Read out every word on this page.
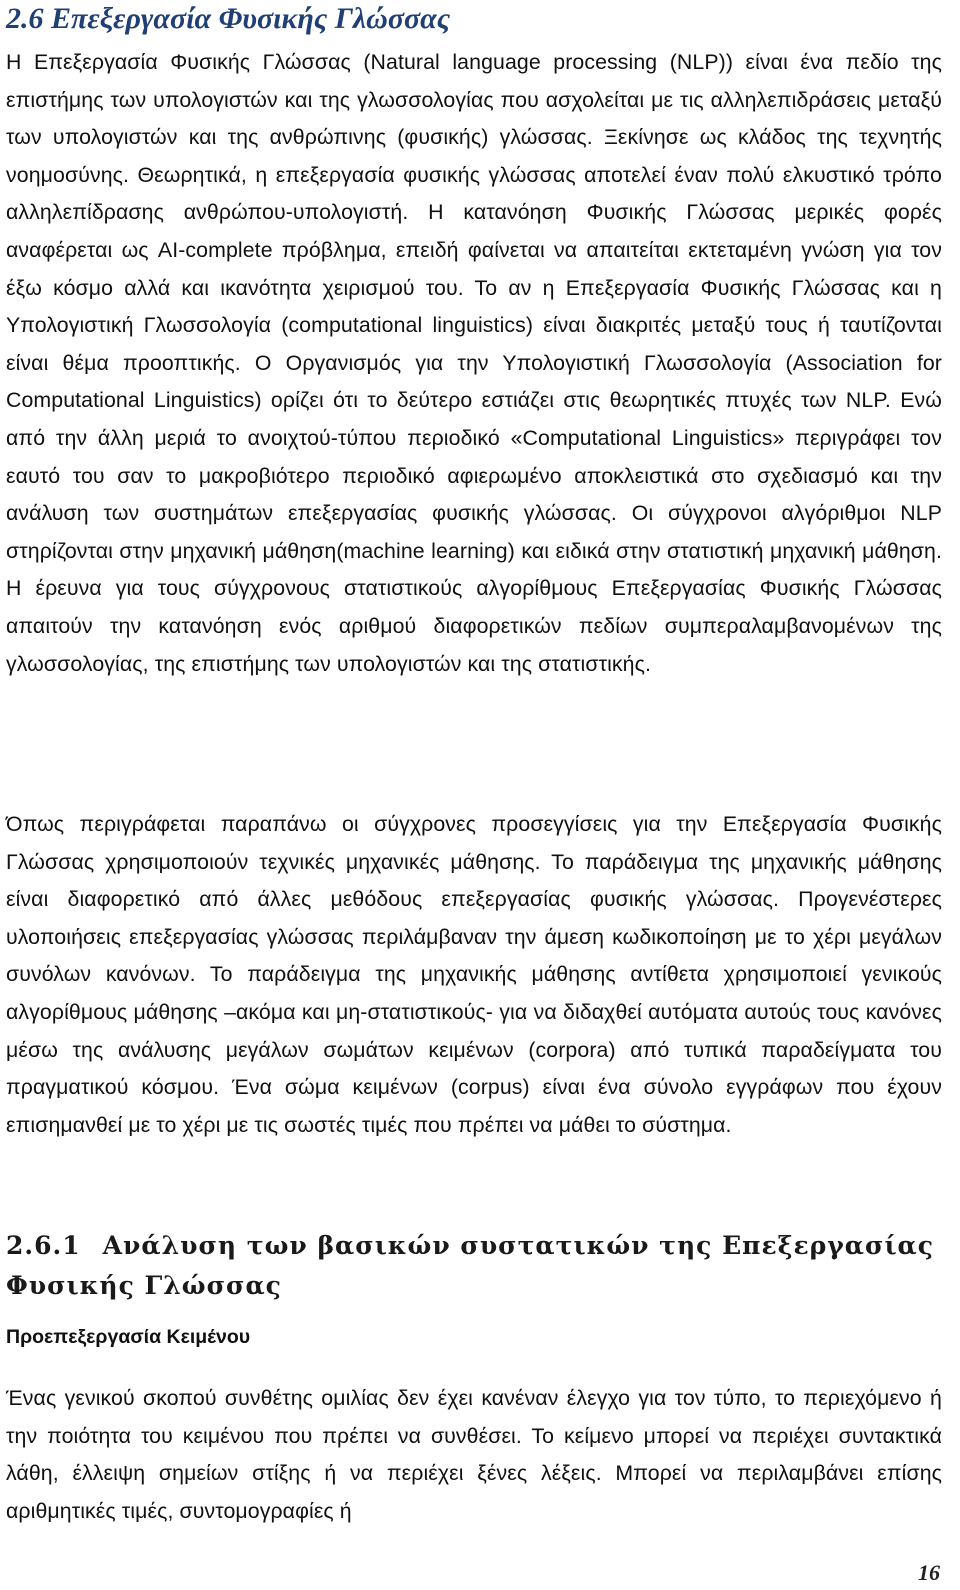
2.6 Επεξεργασία Φυσικής Γλώσσας

Η Επεξεργασία Φυσικής Γλώσσας (Natural language processing (NLP)) είναι ένα πεδίο της επιστήμης των υπολογιστών και της γλωσσολογίας που ασχολείται με τις αλληλεπιδράσεις μεταξύ των υπολογιστών και της ανθρώπινης (φυσικής) γλώσσας. Ξεκίνησε ως κλάδος της τεχνητής νοημοσύνης. Θεωρητικά, η επεξεργασία φυσικής γλώσσας αποτελεί έναν πολύ ελκυστικό τρόπο αλληλεπίδρασης ανθρώπου-υπολογιστή. Η κατανόηση Φυσικής Γλώσσας μερικές φορές αναφέρεται ως AI-complete πρόβλημα, επειδή φαίνεται να απαιτείται εκτεταμένη γνώση για τον έξω κόσμο αλλά και ικανότητα χειρισμού του. Το αν η Επεξεργασία Φυσικής Γλώσσας και η Υπολογιστική Γλωσσολογία (computational linguistics) είναι διακριτές μεταξύ τους ή ταυτίζονται είναι θέμα προοπτικής. Ο Οργανισμός για την Υπολογιστική Γλωσσολογία (Association for Computational Linguistics) ορίζει ότι το δεύτερο εστιάζει στις θεωρητικές πτυχές των NLP. Ενώ από την άλλη μεριά το ανοιχτού-τύπου περιοδικό «Computational Linguistics» περιγράφει τον εαυτό του σαν το μακροβιότερο περιοδικό αφιερωμένο αποκλειστικά στο σχεδιασμό και την ανάλυση των συστημάτων επεξεργασίας φυσικής γλώσσας. Οι σύγχρονοι αλγόριθμοι NLP στηρίζονται στην μηχανική μάθηση(machine learning) και ειδικά στην στατιστική μηχανική μάθηση. Η έρευνα για τους σύγχρονους στατιστικούς αλγορίθμους Επεξεργασίας Φυσικής Γλώσσας απαιτούν την κατανόηση ενός αριθμού διαφορετικών πεδίων συμπεραλαμβανομένων της γλωσσολογίας, της επιστήμης των υπολογιστών και της στατιστικής.

Όπως περιγράφεται παραπάνω οι σύγχρονες προσεγγίσεις για την Επεξεργασία Φυσικής Γλώσσας χρησιμοποιούν τεχνικές μηχανικές μάθησης. Το παράδειγμα της μηχανικής μάθησης είναι διαφορετικό από άλλες μεθόδους επεξεργασίας φυσικής γλώσσας. Προγενέστερες υλοποιήσεις επεξεργασίας γλώσσας περιλάμβαναν την άμεση κωδικοποίηση με το χέρι μεγάλων συνόλων κανόνων. Το παράδειγμα της μηχανικής μάθησης αντίθετα χρησιμοποιεί γενικούς αλγορίθμους μάθησης –ακόμα και μη-στατιστικούς- για να διδαχθεί αυτόματα αυτούς τους κανόνες μέσω της ανάλυσης μεγάλων σωμάτων κειμένων (corpora) από τυπικά παραδείγματα του πραγματικού κόσμου. Ένα σώμα κειμένων (corpus) είναι ένα σύνολο εγγράφων που έχουν επισημανθεί με το χέρι με τις σωστές τιμές που πρέπει να μάθει το σύστημα.

2.6.1 Ανάλυση των βασικών συστατικών της Επεξεργασίας Φυσικής Γλώσσας
Προεπεξεργασία Κειμένου

Ένας γενικού σκοπού συνθέτης ομιλίας δεν έχει κανέναν έλεγχο για τον τύπο, το περιεχόμενο ή την ποιότητα του κειμένου που πρέπει να συνθέσει. Το κείμενο μπορεί να περιέχει συντακτικά λάθη, έλλειψη σημείων στίξης ή να περιέχει ξένες λέξεις. Μπορεί να περιλαμβάνει επίσης αριθμητικές τιμές, συντομογραφίες ή

16
